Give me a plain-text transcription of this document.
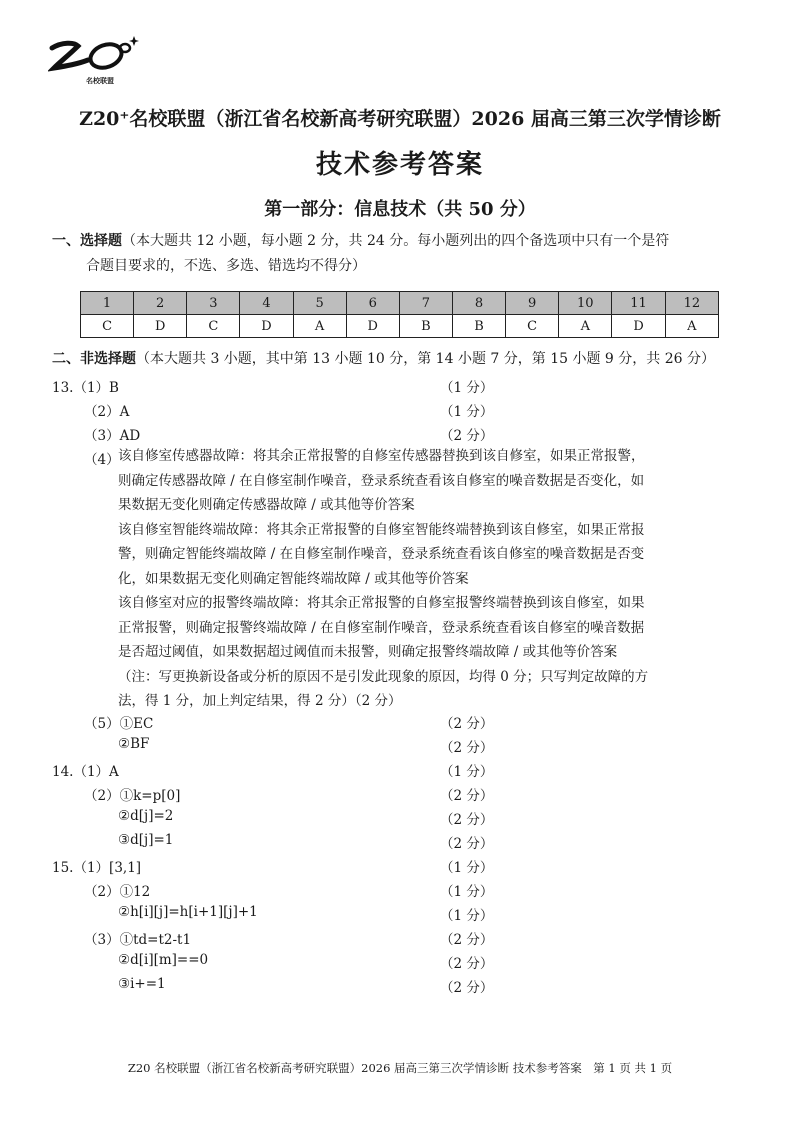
名校联盟
Z20⁺名校联盟（浙江省名校新高考研究联盟）2026 届高三第三次学情诊断
技术参考答案
第一部分：信息技术（共 50 分）
一、选择题（本大题共 12 小题，每小题 2 分，共 24 分。每小题列出的四个备选项中只有一个是符
合题目要求的，不选、多选、错选均不得分）
1	2	3	4	5	6	7	8	9	10	11	12
C	D	C	D	A	D	B	B	C	A	D	A
二、非选择题（本大题共 3 小题，其中第 13 小题 10 分，第 14 小题 7 分，第 15 小题 9 分，共 26 分）
13.（1）B	（1 分）
（2）A	（1 分）
（3）AD	（2 分）
（4）
该自修室传感器故障：将其余正常报警的自修室传感器替换到该自修室，如果正常报警，
则确定传感器故障 / 在自修室制作噪音，登录系统查看该自修室的噪音数据是否变化，如
果数据无变化则确定传感器故障 / 或其他等价答案
该自修室智能终端故障：将其余正常报警的自修室智能终端替换到该自修室，如果正常报
警，则确定智能终端故障 / 在自修室制作噪音，登录系统查看该自修室的噪音数据是否变
化，如果数据无变化则确定智能终端故障 / 或其他等价答案
该自修室对应的报警终端故障：将其余正常报警的自修室报警终端替换到该自修室，如果
正常报警，则确定报警终端故障 / 在自修室制作噪音，登录系统查看该自修室的噪音数据
是否超过阈值，如果数据超过阈值而未报警，则确定报警终端故障 / 或其他等价答案
（注：写更换新设备或分析的原因不是引发此现象的原因，均得 0 分；只写判定故障的方
法，得 1 分，加上判定结果，得 2 分）（2 分）
（5）①EC	（2 分）
②BF	（2 分）
14.（1）A	（1 分）
（2）①k=p[0]	（2 分）
②d[j]=2	（2 分）
③d[j]=1	（2 分）
15.（1）[3,1]	（1 分）
（2）①12	（1 分）
②h[i][j]=h[i+1][j]+1	（1 分）
（3）①td=t2-t1	（2 分）
②d[i][m]==0	（2 分）
③i+=1	（2 分）
Z20 名校联盟（浙江省名校新高考研究联盟）2026 届高三第三次学情诊断 技术参考答案　第 1 页 共 1 页
